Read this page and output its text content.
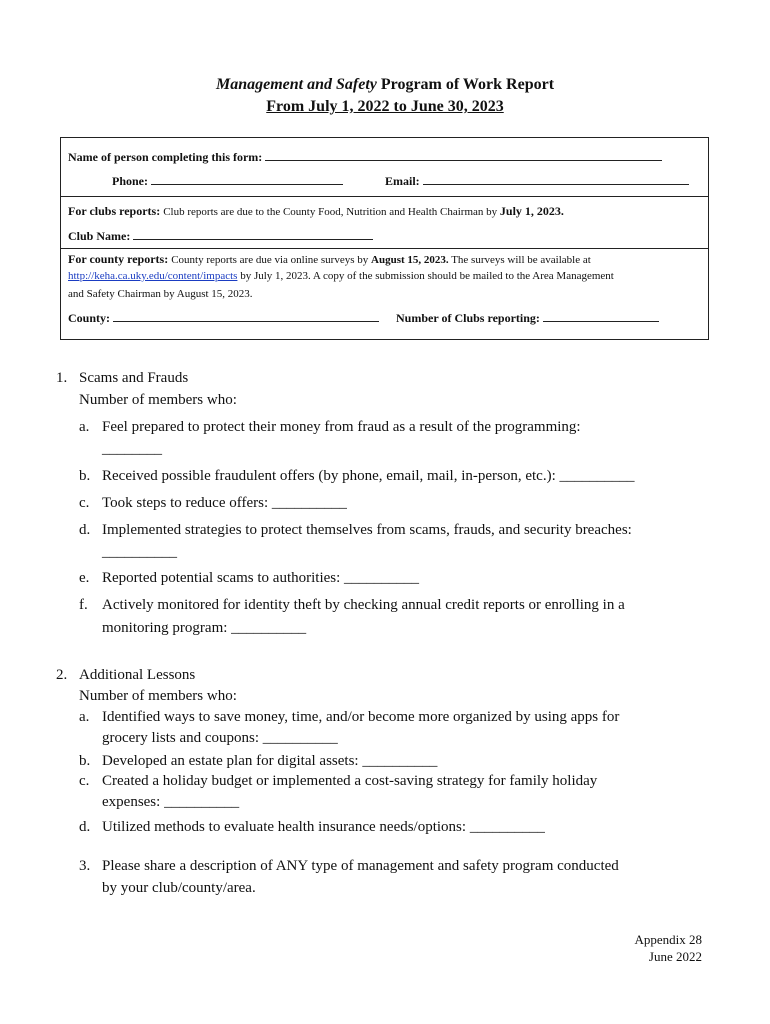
Management and Safety Program of Work Report
From July 1, 2022 to June 30, 2023
Name of person completing this form:
Phone:	Email:
For clubs reports: Club reports are due to the County Food, Nutrition and Health Chairman by July 1, 2023.
Club Name:
For county reports: County reports are due via online surveys by August 15, 2023. The surveys will be available at
http://keha.ca.uky.edu/content/impacts by July 1, 2023. A copy of the submission should be mailed to the Area Management
and Safety Chairman by August 15, 2023.
County:	Number of Clubs reporting:
1. Scams and Frauds
Number of members who:
a. Feel prepared to protect their money from fraud as a result of the programming:
________
b. Received possible fraudulent offers (by phone, email, mail, in-person, etc.): __________
c. Took steps to reduce offers: __________
d. Implemented strategies to protect themselves from scams, frauds, and security breaches:
__________
e. Reported potential scams to authorities: __________
f. Actively monitored for identity theft by checking annual credit reports or enrolling in a
monitoring program: __________
2. Additional Lessons
Number of members who:
a. Identified ways to save money, time, and/or become more organized by using apps for
grocery lists and coupons: __________
b. Developed an estate plan for digital assets: __________
c. Created a holiday budget or implemented a cost-saving strategy for family holiday
expenses: __________
d. Utilized methods to evaluate health insurance needs/options: __________
3. Please share a description of ANY type of management and safety program conducted
by your club/county/area.
Appendix 28
June 2022
